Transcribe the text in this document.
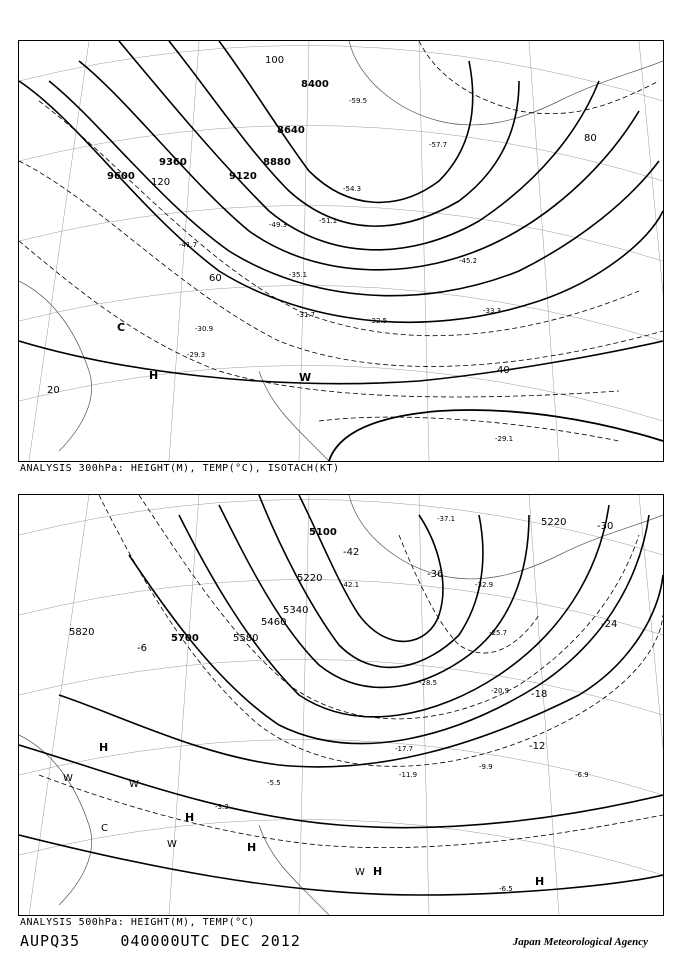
9600
9360
9120
8880
8640
8400
100
120
80
60
40
20
H
C
W
-59.5
-57.7
-54.3
-51.1
-49.3
-45.2
-41.7
-35.1
-31.7
-30.9
-29.3
-32.5
-33.3
-29.1
ANALYSIS 300hPa: HEIGHT(M), TEMP(°C), ISOTACH(KT)
5100
5220
5340
5460
5580
5700
5820
5220
-42
-36
-30
-24
-18
-12
-6
H
H
H
H
H
W
W
W
W
C
-42.1
-37.1
-32.9
-28.5
-25.7
-20.9
-17.7
-11.9
-9.9
-6.9
-5.5
-3.3
-6.5
ANALYSIS 500hPa: HEIGHT(M), TEMP(°C)
AUPQ35	040000UTC DEC 2012	Japan Meteorological Agency
